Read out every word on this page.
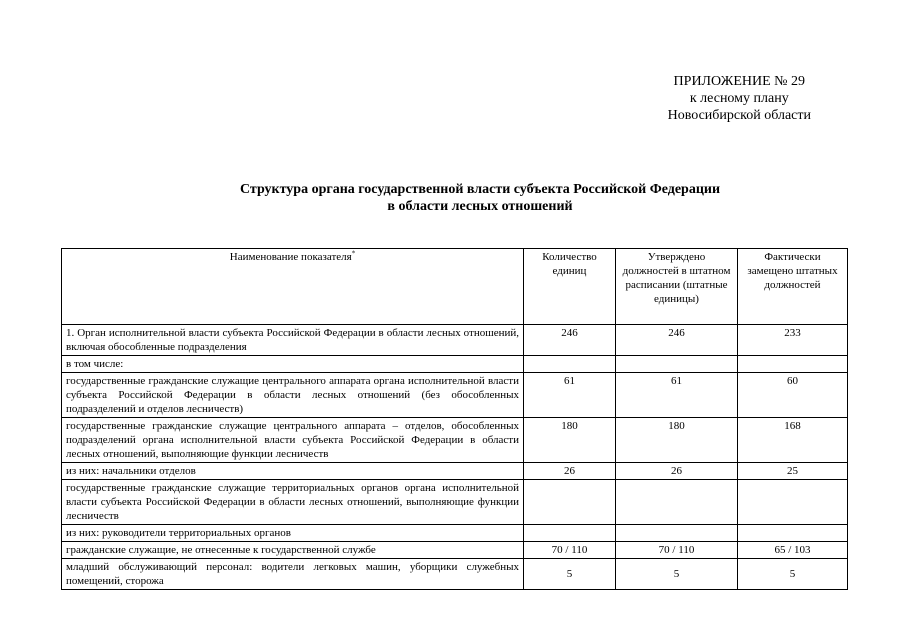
ПРИЛОЖЕНИЕ № 29
к лесному плану
Новосибирской области
Структура органа государственной власти субъекта Российской Федерации
в области лесных отношений
Наименование показателя*	Количество единиц	Утверждено должностей в штатном расписании (штатные единицы)	Фактически замещено штатных должностей
1. Орган исполнительной власти субъекта Российской Федерации в области лесных отношений, включая обособленные подразделения	246	246	233
в том числе:			
государственные гражданские служащие центрального аппарата органа исполнительной власти субъекта Российской Федерации в области лесных отношений (без обособленных подразделений и отделов лесничеств)	61	61	60
государственные гражданские служащие центрального аппарата – отделов, обособленных подразделений органа исполнительной власти субъекта Российской Федерации в области лесных отношений, выполняющие функции лесничеств	180	180	168
из них: начальники отделов	26	26	25
государственные гражданские служащие территориальных органов органа исполнительной власти субъекта Российской Федерации в области лесных отношений, выполняющие функции лесничеств			
из них: руководители территориальных органов			
гражданские служащие, не отнесенные к государственной службе	70 / 110	70 / 110	65 / 103
младший обслуживающий персонал: водители легковых машин, уборщики служебных помещений, сторожа	5	5	5
